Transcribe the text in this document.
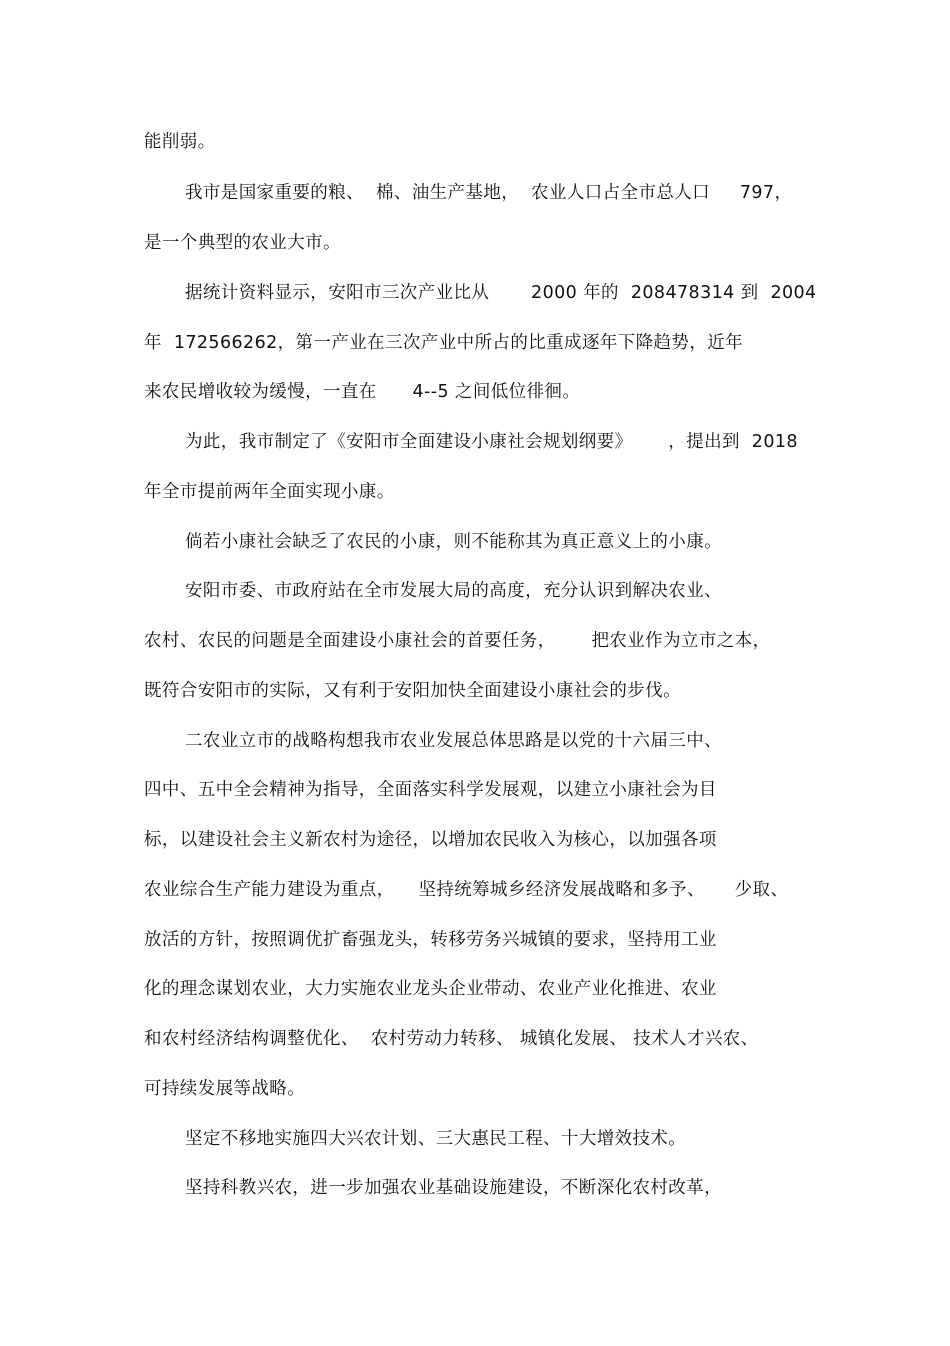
能削弱。
我市是国家重要的粮、  棉、油生产基地，  农业人口占全市总人口     797，
是一个典型的农业大市。
据统计资料显示，安阳市三次产业比从       2000 年的  208478314 到  2004
年  172566262，第一产业在三次产业中所占的比重成逐年下降趋势，近年
来农民增收较为缓慢，一直在      4--5 之间低位徘徊。
为此，我市制定了《安阳市全面建设小康社会规划纲要》      ，提出到  2018
年全市提前两年全面实现小康。
倘若小康社会缺乏了农民的小康，则不能称其为真正意义上的小康。
安阳市委、市政府站在全市发展大局的高度，充分认识到解决农业、
农村、农民的问题是全面建设小康社会的首要任务，      把农业作为立市之本，
既符合安阳市的实际，又有利于安阳加快全面建设小康社会的步伐。
二农业立市的战略构想我市农业发展总体思路是以党的十六届三中、
四中、五中全会精神为指导，全面落实科学发展观，以建立小康社会为目
标，以建设社会主义新农村为途径，以增加农民收入为核心，以加强各项
农业综合生产能力建设为重点，    坚持统筹城乡经济发展战略和多予、     少取、
放活的方针，按照调优扩畜强龙头，转移劳务兴城镇的要求，坚持用工业
化的理念谋划农业，大力实施农业龙头企业带动、农业产业化推进、农业
和农村经济结构调整优化、  农村劳动力转移、 城镇化发展、 技术人才兴农、
可持续发展等战略。
坚定不移地实施四大兴农计划、三大惠民工程、十大增效技术。
坚持科教兴农，进一步加强农业基础设施建设，不断深化农村改革，
